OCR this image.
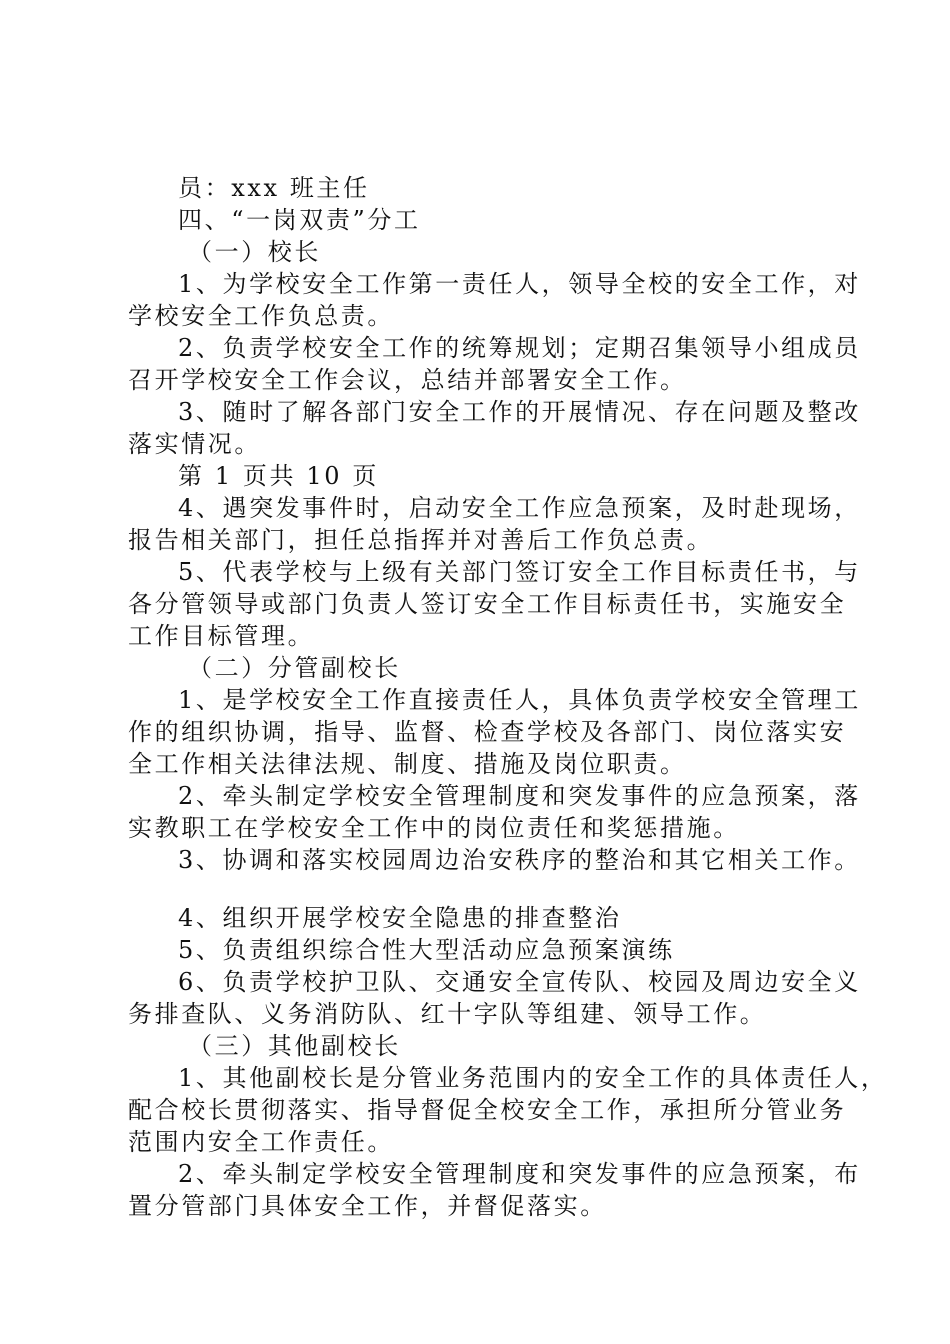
员：xxx 班主任
四、“一岗双责”分工
（一）校长
1、为学校安全工作第一责任人，领导全校的安全工作，对
学校安全工作负总责。
2、负责学校安全工作的统筹规划；定期召集领导小组成员
召开学校安全工作会议，总结并部署安全工作。
3、随时了解各部门安全工作的开展情况、存在问题及整改
落实情况。
第 1 页共 10 页
4、遇突发事件时，启动安全工作应急预案，及时赴现场，
报告相关部门，担任总指挥并对善后工作负总责。
5、代表学校与上级有关部门签订安全工作目标责任书，与
各分管领导或部门负责人签订安全工作目标责任书，实施安全
工作目标管理。
（二）分管副校长
1、是学校安全工作直接责任人，具体负责学校安全管理工
作的组织协调，指导、监督、检查学校及各部门、岗位落实安
全工作相关法律法规、制度、措施及岗位职责。
2、牵头制定学校安全管理制度和突发事件的应急预案，落
实教职工在学校安全工作中的岗位责任和奖惩措施。
3、协调和落实校园周边治安秩序的整治和其它相关工作。
4、组织开展学校安全隐患的排查整治
5、负责组织综合性大型活动应急预案演练
6、负责学校护卫队、交通安全宣传队、校园及周边安全义
务排查队、义务消防队、红十字队等组建、领导工作。
（三）其他副校长
1、其他副校长是分管业务范围内的安全工作的具体责任人，
配合校长贯彻落实、指导督促全校安全工作，承担所分管业务
范围内安全工作责任。
2、牵头制定学校安全管理制度和突发事件的应急预案，布
置分管部门具体安全工作，并督促落实。
